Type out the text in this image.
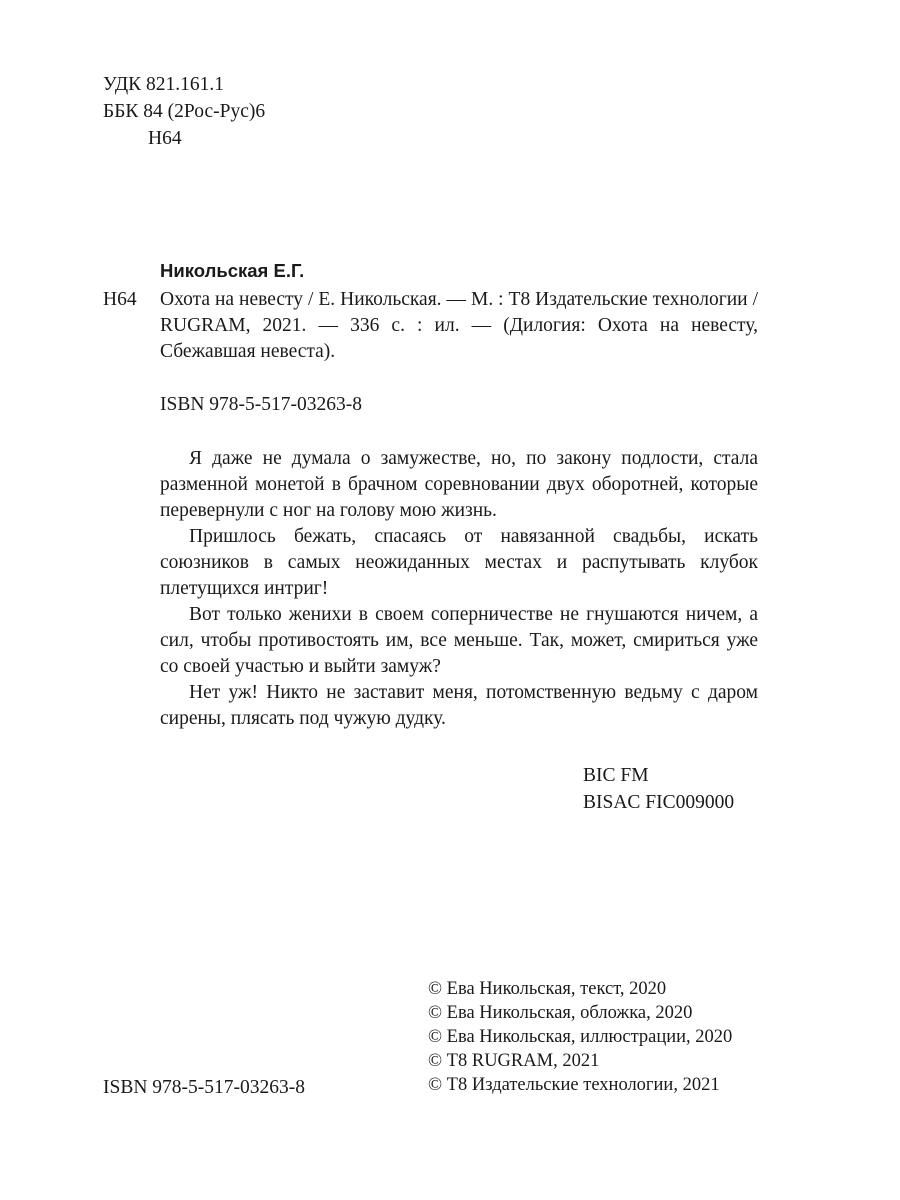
УДК 821.161.1
ББК 84 (2Рос-Рус)6
Н64
Никольская Е.Г.
Н64 Охота на невесту / Е. Никольская. — М. : Т8 Издательские технологии / RUGRAM, 2021. — 336 с. : ил. — (Дилогия: Охота на невесту, Сбежавшая невеста).
ISBN 978-5-517-03263-8

Я даже не думала о замужестве, но, по закону подлости, стала разменной монетой в брачном соревновании двух оборотней, которые перевернули с ног на голову мою жизнь.

Пришлось бежать, спасаясь от навязанной свадьбы, искать союзников в самых неожиданных местах и распутывать клубок плетущихся интриг!

Вот только женихи в своем соперничестве не гнушаются ничем, а сил, чтобы противостоять им, все меньше. Так, может, смириться уже со своей участью и выйти замуж?

Нет уж! Никто не заставит меня, потомственную ведьму с даром сирены, плясать под чужую дудку.

BIC FM
BISAC FIC009000
© Ева Никольская, текст, 2020
© Ева Никольская, обложка, 2020
© Ева Никольская, иллюстрации, 2020
© Т8 RUGRAM, 2021
© Т8 Издательские технологии, 2021
ISBN 978-5-517-03263-8
